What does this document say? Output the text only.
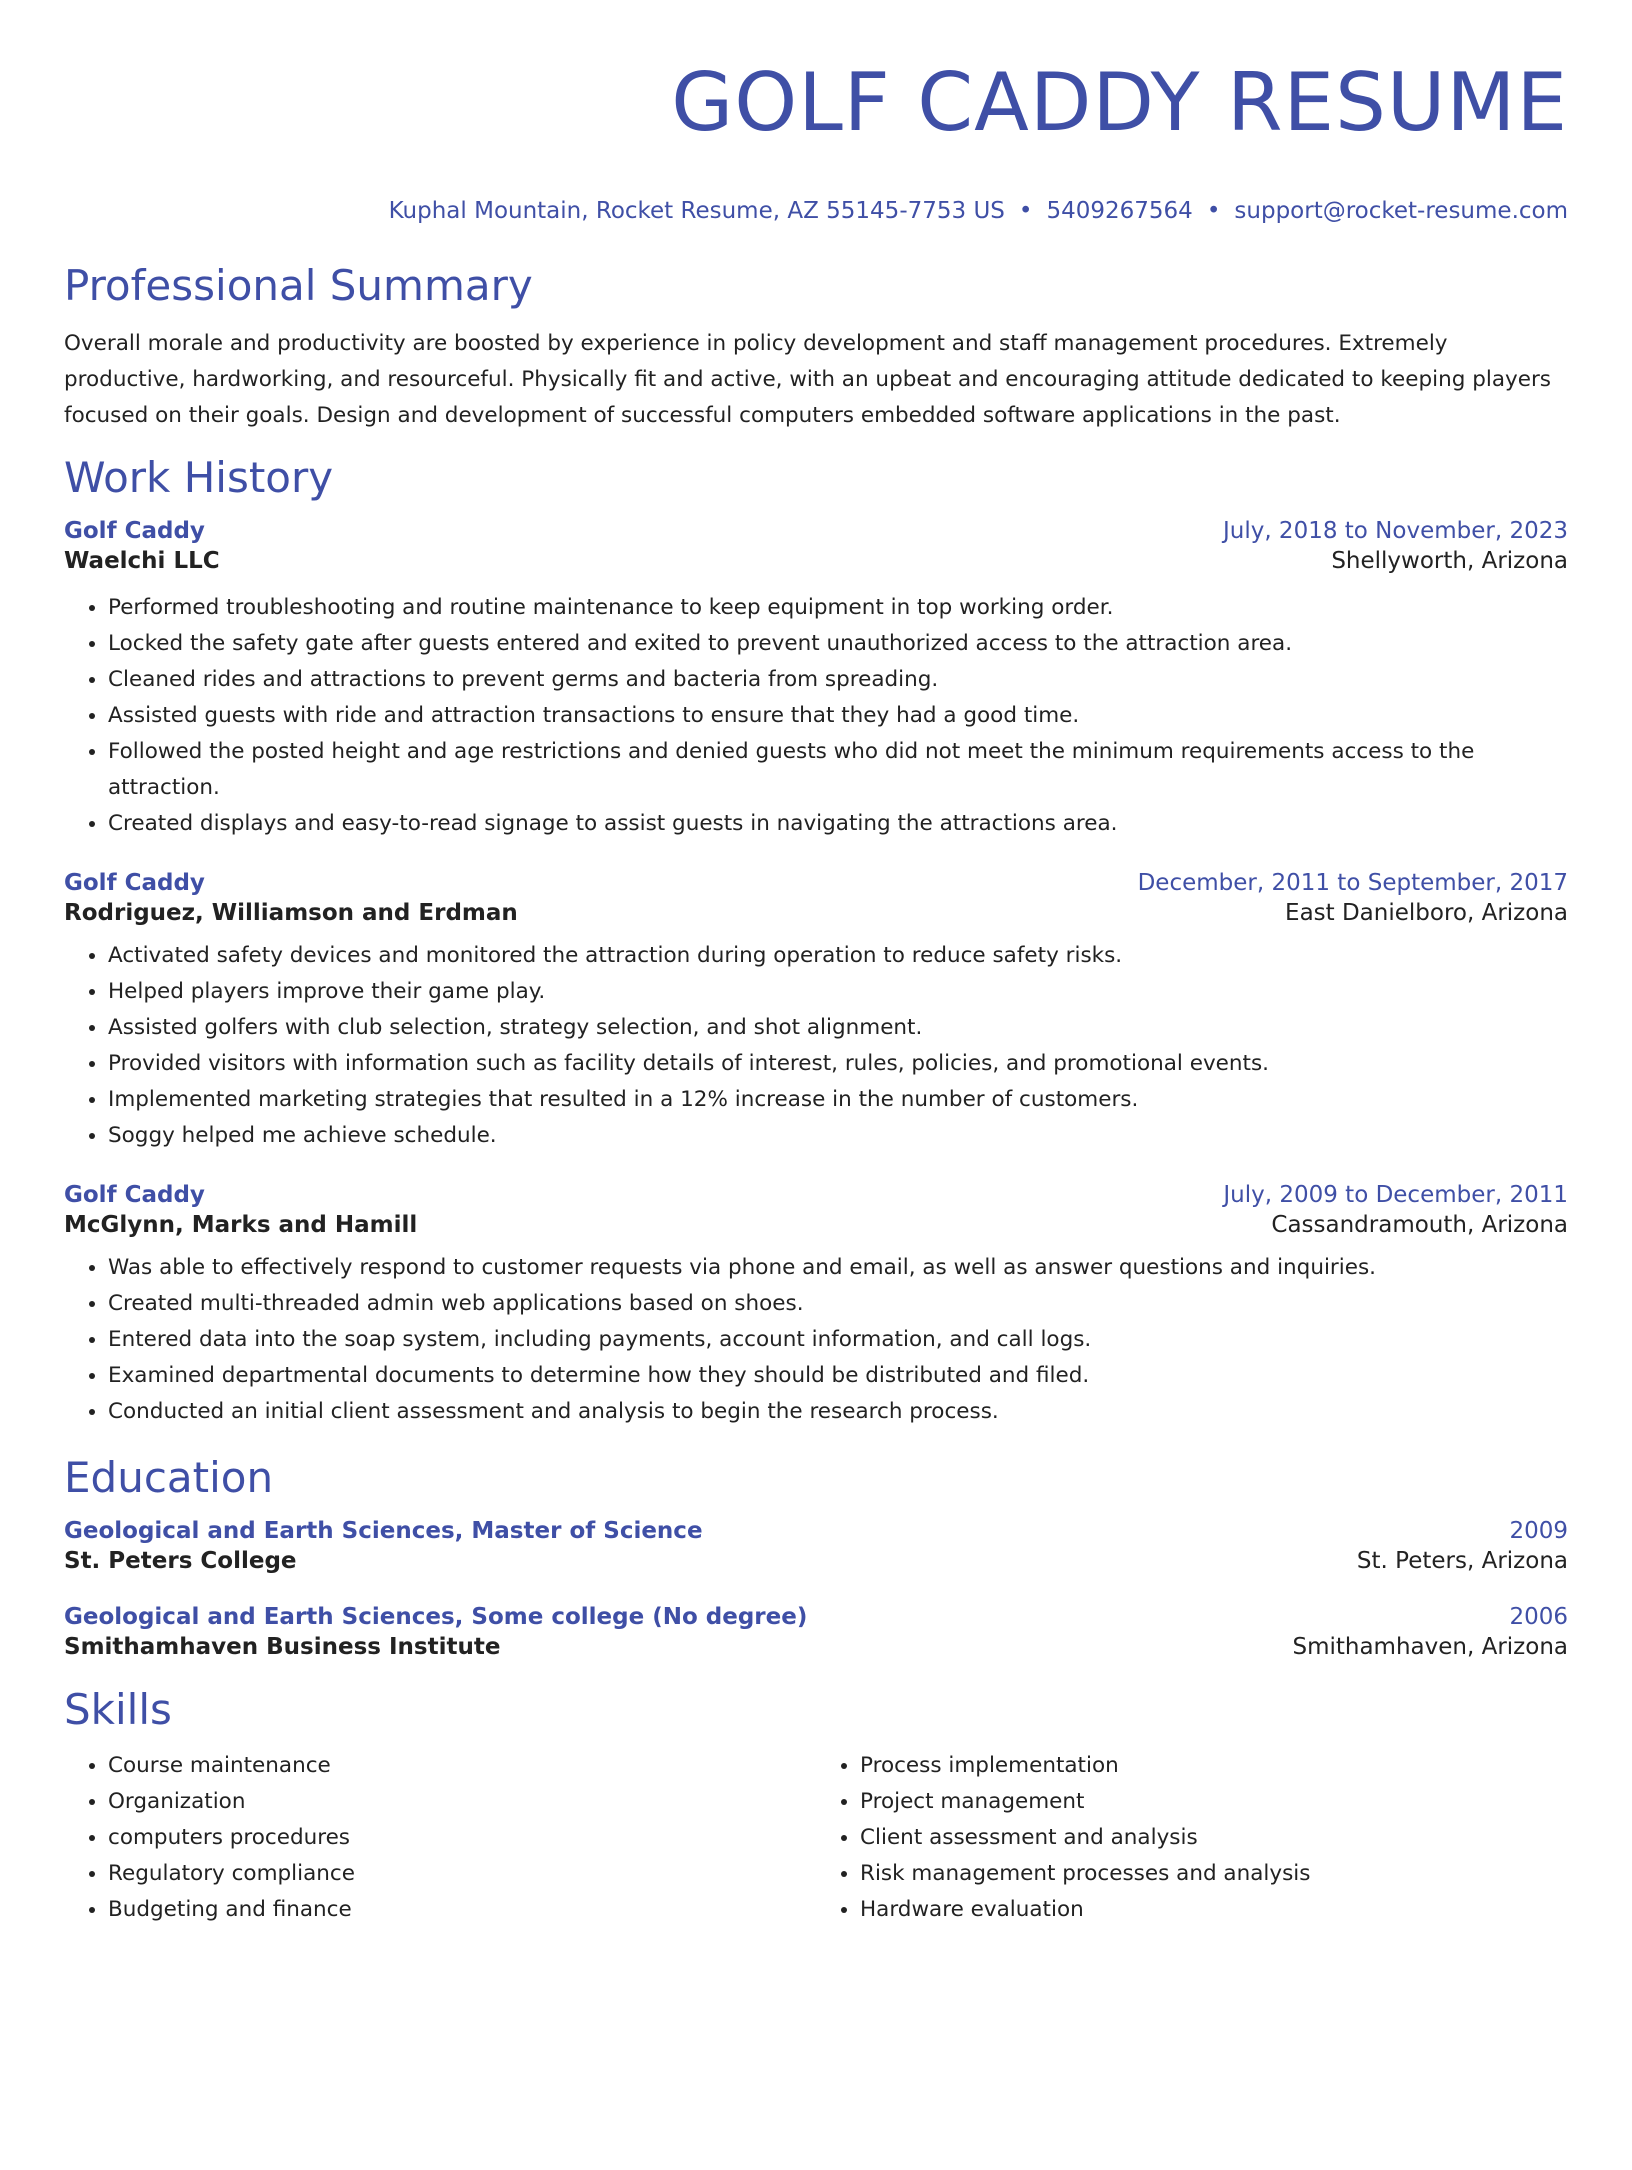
GOLF CADDY RESUME
Kuphal Mountain, Rocket Resume, AZ 55145-7753 US • 5409267564 • support@rocket-resume.com
Professional Summary

Overall morale and productivity are boosted by experience in policy development and staff management procedures. Extremely productive, hardworking, and resourceful. Physically fit and active, with an upbeat and encouraging attitude dedicated to keeping players focused on their goals. Design and development of successful computers embedded software applications in the past.

Work History
Golf Caddy	July, 2018 to November, 2023
Waelchi LLC	Shellyworth, Arizona
• Performed troubleshooting and routine maintenance to keep equipment in top working order.
• Locked the safety gate after guests entered and exited to prevent unauthorized access to the attraction area.
• Cleaned rides and attractions to prevent germs and bacteria from spreading.
• Assisted guests with ride and attraction transactions to ensure that they had a good time.
• Followed the posted height and age restrictions and denied guests who did not meet the minimum requirements access to the attraction.
• Created displays and easy-to-read signage to assist guests in navigating the attractions area.
Golf Caddy	December, 2011 to September, 2017
Rodriguez, Williamson and Erdman	East Danielboro, Arizona
• Activated safety devices and monitored the attraction during operation to reduce safety risks.
• Helped players improve their game play.
• Assisted golfers with club selection, strategy selection, and shot alignment.
• Provided visitors with information such as facility details of interest, rules, policies, and promotional events.
• Implemented marketing strategies that resulted in a 12% increase in the number of customers.
• Soggy helped me achieve schedule.
Golf Caddy	July, 2009 to December, 2011
McGlynn, Marks and Hamill	Cassandramouth, Arizona
• Was able to effectively respond to customer requests via phone and email, as well as answer questions and inquiries.
• Created multi-threaded admin web applications based on shoes.
• Entered data into the soap system, including payments, account information, and call logs.
• Examined departmental documents to determine how they should be distributed and filed.
• Conducted an initial client assessment and analysis to begin the research process.
Education
Geological and Earth Sciences, Master of Science	2009
St. Peters College	St. Peters, Arizona
Geological and Earth Sciences, Some college (No degree)	2006
Smithamhaven Business Institute	Smithamhaven, Arizona
Skills
• Course maintenance
• Organization
• computers procedures
• Regulatory compliance
• Budgeting and finance
• Process implementation
• Project management
• Client assessment and analysis
• Risk management processes and analysis
• Hardware evaluation
